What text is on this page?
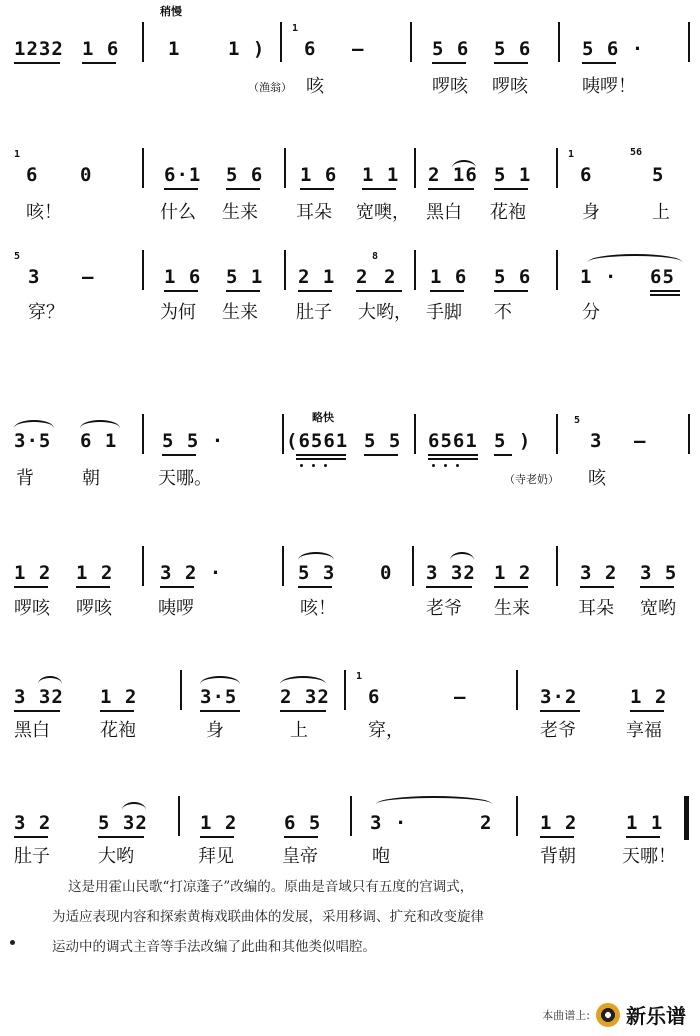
稍慢
略快
1232 1 6	1	1 )
1
6 —	5 6 5 6	5 6 ·
（渔翁） 咳	啰咳 啰咳	咦啰！
1
6 0	6·1 5 6 1 6 1 1 2 16 5 1
1
6
56
5
咳！	什么 生来 耳朵 宽噢， 黑白 花袍	身	上
5
3 —	1 6 5 1 2 1 2
8
2 1 6 5 6	1 · 65
穿？	为何 生来 肚子 大哟， 手脚 不	分
3·5 6 1 5 5 ·	(6561 5 5 6561 5 )
5
3 —
背	朝	天哪。	（寺老奶） 咳
1 2 1 2 3 2 ·	5 3 0 3 32 1 2	3 2 3 5
啰咳 啰咳	咦啰	咳！	老爷 生来	耳朵 宽哟
3 32 1 2	3·5 2 32
1
6	—	3·2	1 2
黑白	花袍	身	上	穿，	老爷	享福
3 2 5 32	1 2 6 5	3 ·	2	1 2	1 1
肚子	大哟	拜见	皇帝	咆	背朝	天哪！

这是用霍山民歌“打凉蓬子”改编的。原曲是音域只有五度的宫调式，

为适应表现内容和探索黄梅戏联曲体的发展，采用移调、扩充和改变旋律

运动中的调式主音等手法改编了此曲和其他类似唱腔。

本曲谱上: 新乐谱
